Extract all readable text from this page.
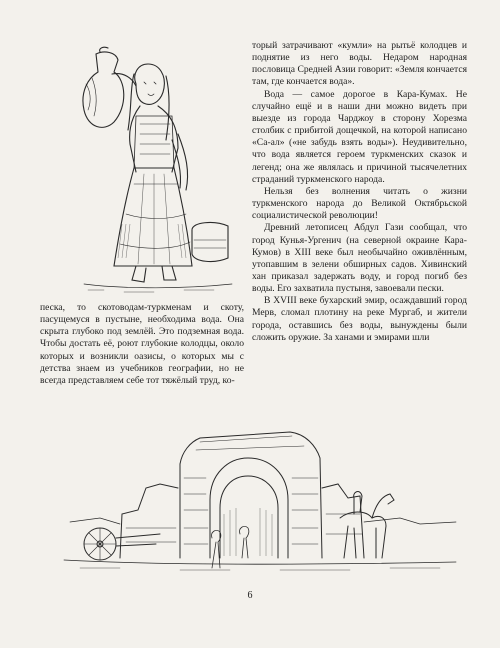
торый затрачивают «кумли» на рытьё колодцев и поднятие из него воды. Недаром народная пословица Средней Азии говорит: «Земля кончается там, где кончается вода».

Вода — самое дорогое в Кара-Кумах. Не случайно ещё и в наши дни можно видеть при выезде из города Чарджоу в сторону Хорезма столбик с прибитой дощечкой, на которой написано «Са-ал» («не забудь взять воды»). Неудивительно, что вода является героем туркменских сказок и легенд; она же являлась и причиной тысячелетних страданий туркменского народа.

Нельзя без волнения читать о жизни туркменского народа до Великой Октябрьской социалистической революции!

Древний летописец Абдул Гази сообщал, что город Кунья-Ургенич (на северной окраине Кара-Кумов) в XIII веке был необычайно оживлённым, утопавшим в зелени обширных садов. Хивинский хан приказал задержать воду, и город погиб без воды. Его захватила пустыня, завоевали пески.

В XVIII веке бухарский эмир, осаждавший город Мерв, сломал плотину на реке Мургаб, и жители города, оставшись без воды, вынуждены были сложить оружие. За ханами и эмирами шли

песка, то скотоводам-туркменам и скоту, пасущемуся в пустыне, необходима вода. Она скрыта глубоко под землёй. Это подземная вода. Чтобы достать её, роют глубокие колодцы, около которых и возникли оазисы, о которых мы с детства знаем из учебников географии, но не всегда представляем себе тот тяжёлый труд, ко-

6
